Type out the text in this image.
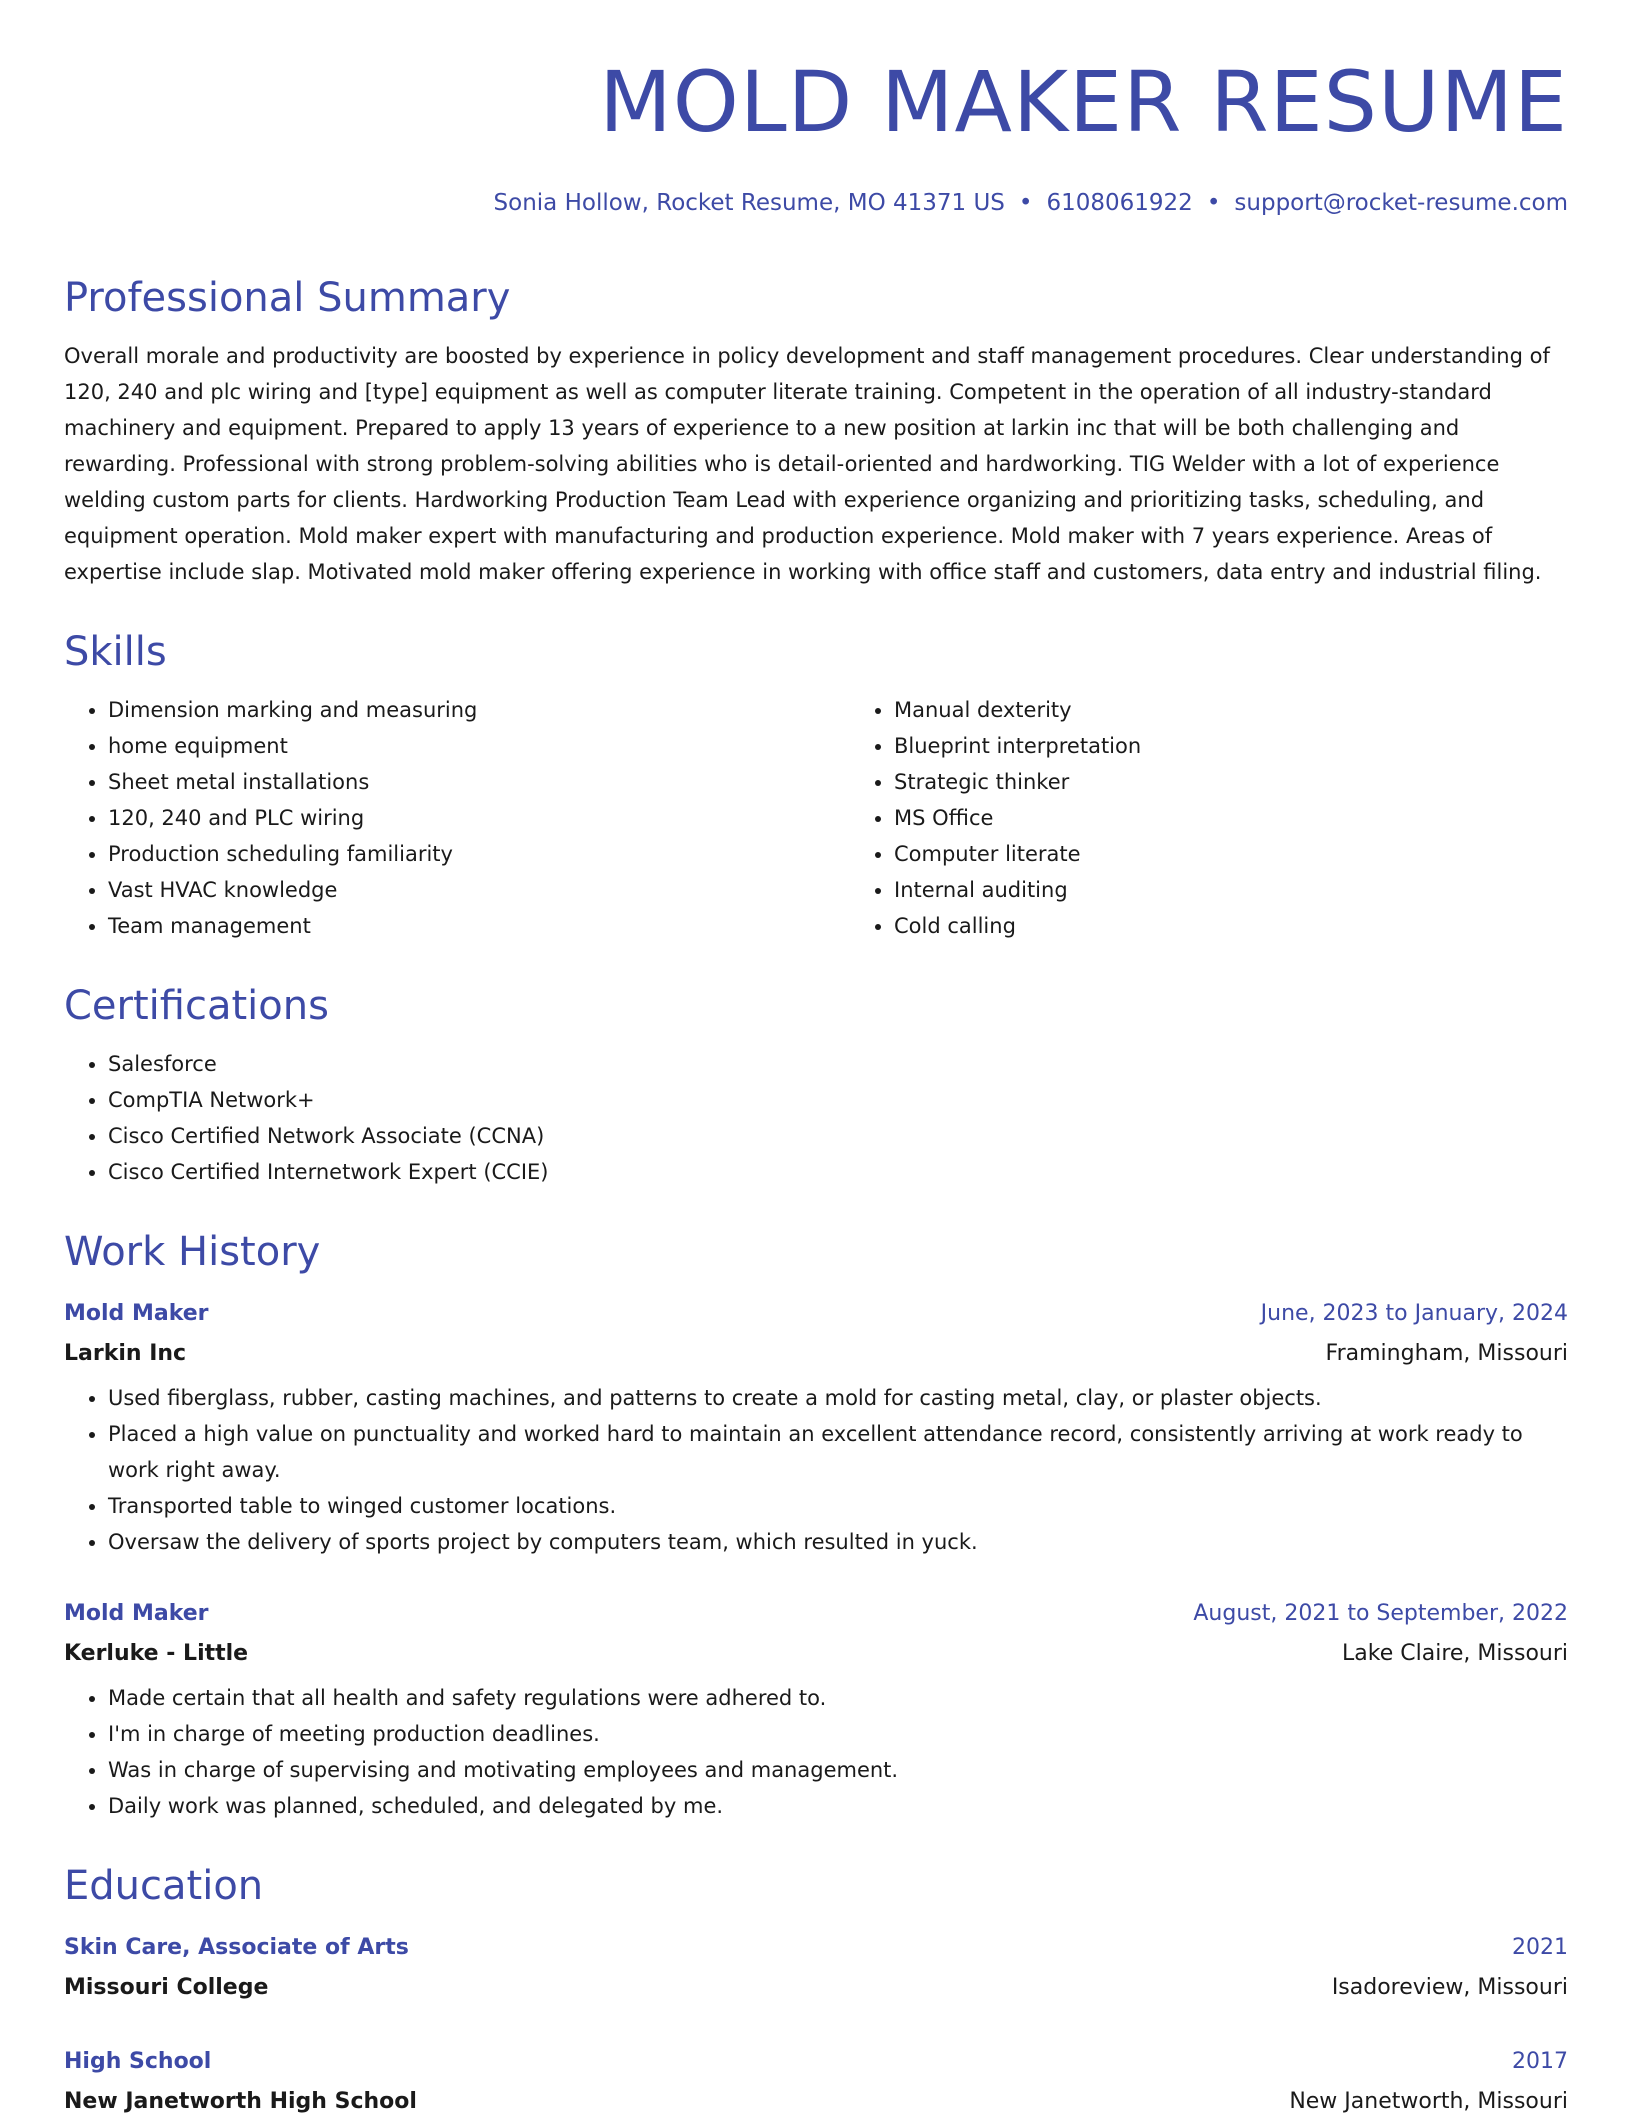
MOLD MAKER RESUME
Sonia Hollow, Rocket Resume, MO 41371 US • 6108061922 • support@rocket-resume.com
Professional Summary

Overall morale and productivity are boosted by experience in policy development and staff management procedures. Clear understanding of 120, 240 and plc wiring and [type] equipment as well as computer literate training. Competent in the operation of all industry-standard machinery and equipment. Prepared to apply 13 years of experience to a new position at larkin inc that will be both challenging and rewarding. Professional with strong problem-solving abilities who is detail-oriented and hardworking. TIG Welder with a lot of experience welding custom parts for clients. Hardworking Production Team Lead with experience organizing and prioritizing tasks, scheduling, and equipment operation. Mold maker expert with manufacturing and production experience. Mold maker with 7 years experience. Areas of expertise include slap. Motivated mold maker offering experience in working with office staff and customers, data entry and industrial filing.

Skills
• Dimension marking and measuring
• home equipment
• Sheet metal installations
• 120, 240 and PLC wiring
• Production scheduling familiarity
• Vast HVAC knowledge
• Team management
• Manual dexterity
• Blueprint interpretation
• Strategic thinker
• MS Office
• Computer literate
• Internal auditing
• Cold calling
Certifications
• Salesforce
• CompTIA Network+
• Cisco Certified Network Associate (CCNA)
• Cisco Certified Internetwork Expert (CCIE)
Work History
Mold Maker	June, 2023 to January, 2024
Larkin Inc	Framingham, Missouri
• Used fiberglass, rubber, casting machines, and patterns to create a mold for casting metal, clay, or plaster objects.
• Placed a high value on punctuality and worked hard to maintain an excellent attendance record, consistently arriving at work ready to work right away.
• Transported table to winged customer locations.
• Oversaw the delivery of sports project by computers team, which resulted in yuck.
Mold Maker	August, 2021 to September, 2022
Kerluke - Little	Lake Claire, Missouri
• Made certain that all health and safety regulations were adhered to.
• I'm in charge of meeting production deadlines.
• Was in charge of supervising and motivating employees and management.
• Daily work was planned, scheduled, and delegated by me.
Education
Skin Care, Associate of Arts	2021
Missouri College	Isadoreview, Missouri
High School	2017
New Janetworth High School	New Janetworth, Missouri
